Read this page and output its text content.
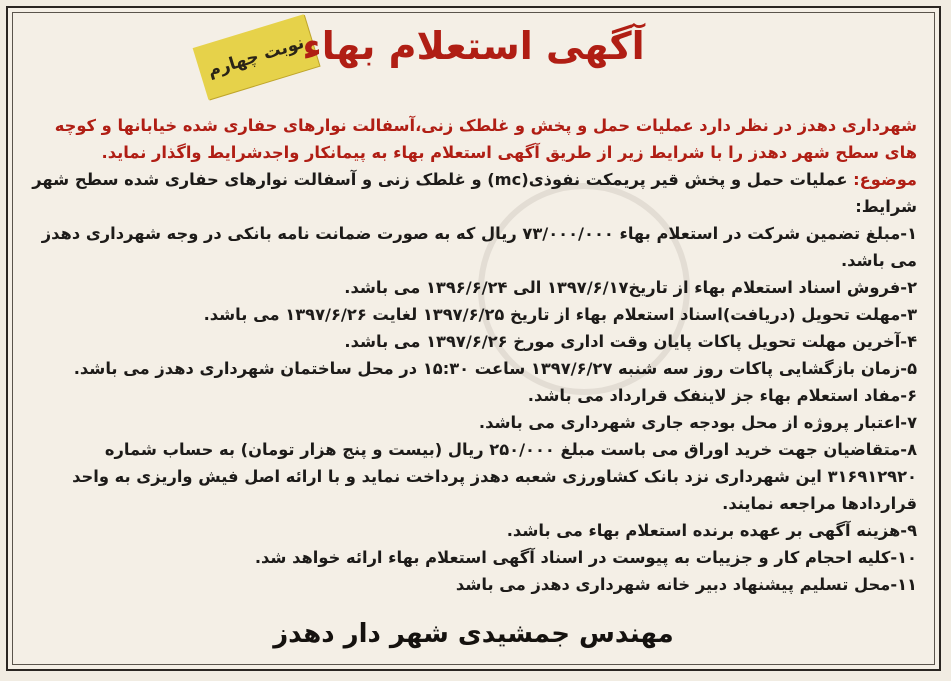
نوبت چهارم
آگهی استعلام بهاء
شهرداری دهدز در نظر دارد عملیات حمل و پخش و غلطک زنی،آسفالت نوارهای حفاری شده خیابانها و کوچه های سطح شهر دهدز را با شرایط زیر از طریق آگهی استعلام بهاء به پیمانکار واجدشرایط واگذار نماید.
موضوع: عملیات حمل و پخش قیر پریمکت نفوذی(mc) و غلطک زنی و آسفالت نوارهای حفاری شده سطح شهر
شرایط:
۱-مبلغ تضمین شرکت در استعلام بهاء ۷۳/۰۰۰/۰۰۰ ریال که به صورت ضمانت نامه بانکی در وجه شهرداری دهدز می باشد.
۲-فروش اسناد استعلام بهاء از تاریخ۱۳۹۷/۶/۱۷ الی ۱۳۹۶/۶/۲۴ می باشد.
۳-مهلت تحویل (دریافت)اسناد استعلام بهاء از تاریخ ۱۳۹۷/۶/۲۵ لغایت ۱۳۹۷/۶/۲۶ می باشد.
۴-آخرین مهلت تحویل پاکات پایان وقت اداری مورخ ۱۳۹۷/۶/۲۶ می باشد.
۵-زمان بازگشایی پاکات روز سه شنبه ۱۳۹۷/۶/۲۷ ساعت ۱۵:۳۰ در محل ساختمان شهرداری دهدز می باشد.
۶-مفاد استعلام بهاء جز لاینفک قرارداد می باشد.
۷-اعتبار پروژه از محل بودجه جاری شهرداری می باشد.
۸-متقاضیان جهت خرید اوراق می باست مبلغ ۲۵۰/۰۰۰ ریال (بیست و پنج هزار تومان) به حساب شماره ۳۱۶۹۱۲۹۲۰ این شهرداری نزد بانک کشاورزی شعبه دهدز پرداخت نماید و با ارائه اصل فیش واریزی به واحد قراردادها مراجعه نمایند.
۹-هزینه آگهی بر عهده برنده استعلام بهاء می باشد.
۱۰-کلیه احجام کار و جزییات به پیوست در اسناد آگهی استعلام بهاء ارائه خواهد شد.
۱۱-محل تسلیم پیشنهاد دبیر خانه شهرداری دهدز می باشد
مهندس جمشیدی شهر دار دهدز
